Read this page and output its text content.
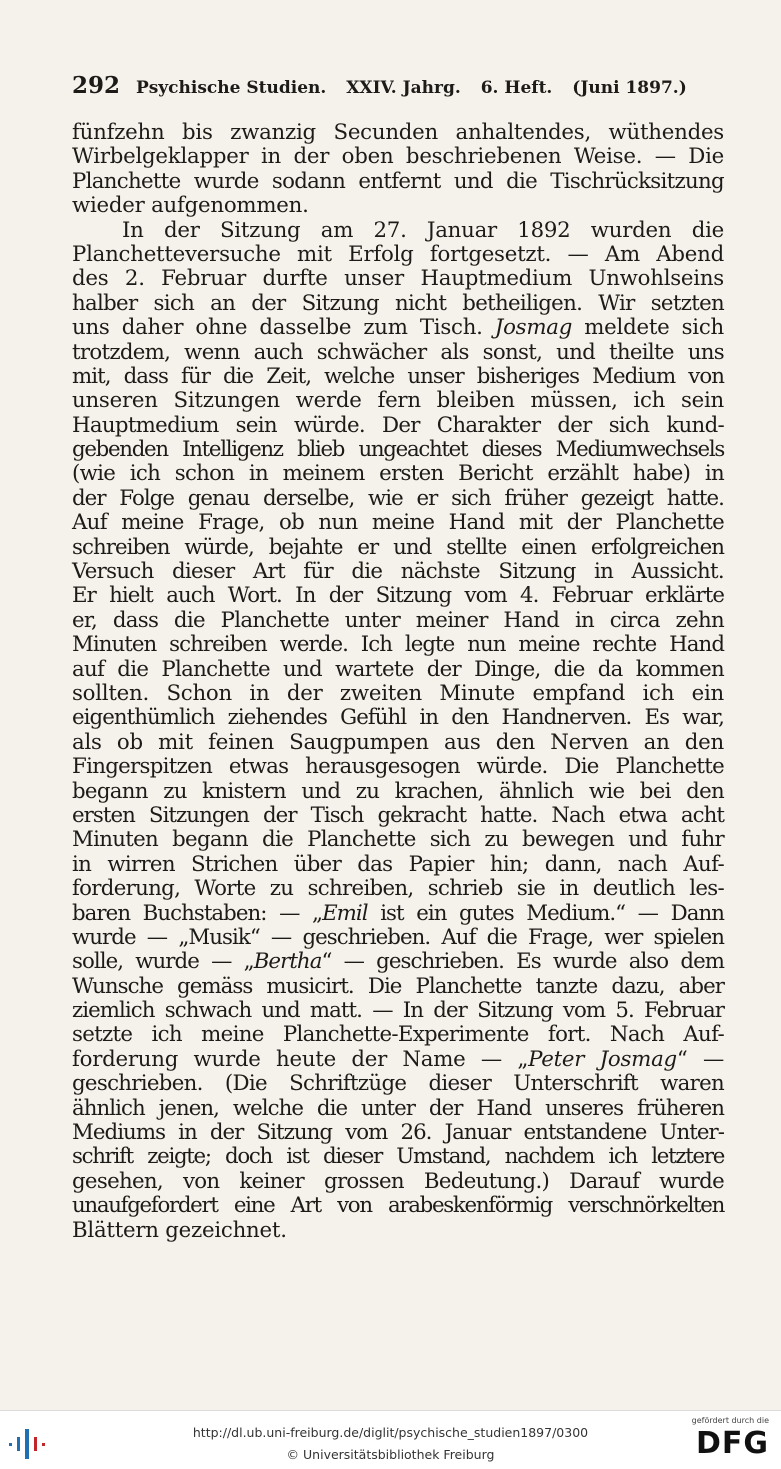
292 Psychische Studien. XXIV. Jahrg. 6. Heft. (Juni 1897.)
fünfzehn bis zwanzig Secunden anhaltendes, wüthendes
Wirbelgeklapper in der oben beschriebenen Weise. — Die
Planchette wurde sodann entfernt und die Tischrücksitzung
wieder aufgenommen.
In der Sitzung am 27. Januar 1892 wurden die
Planchetteversuche mit Erfolg fortgesetzt. — Am Abend
des 2. Februar durfte unser Hauptmedium Unwohlseins
halber sich an der Sitzung nicht betheiligen. Wir setzten
uns daher ohne dasselbe zum Tisch. Josmag meldete sich
trotzdem, wenn auch schwächer als sonst, und theilte uns
mit, dass für die Zeit, welche unser bisheriges Medium von
unseren Sitzungen werde fern bleiben müssen, ich sein
Hauptmedium sein würde. Der Charakter der sich kund-
gebenden Intelligenz blieb ungeachtet dieses Mediumwechsels
(wie ich schon in meinem ersten Bericht erzählt habe) in
der Folge genau derselbe, wie er sich früher gezeigt hatte.
Auf meine Frage, ob nun meine Hand mit der Planchette
schreiben würde, bejahte er und stellte einen erfolgreichen
Versuch dieser Art für die nächste Sitzung in Aussicht.
Er hielt auch Wort. In der Sitzung vom 4. Februar erklärte
er, dass die Planchette unter meiner Hand in circa zehn
Minuten schreiben werde. Ich legte nun meine rechte Hand
auf die Planchette und wartete der Dinge, die da kommen
sollten. Schon in der zweiten Minute empfand ich ein
eigenthümlich ziehendes Gefühl in den Handnerven. Es war,
als ob mit feinen Saugpumpen aus den Nerven an den
Fingerspitzen etwas herausgesogen würde. Die Planchette
begann zu knistern und zu krachen, ähnlich wie bei den
ersten Sitzungen der Tisch gekracht hatte. Nach etwa acht
Minuten begann die Planchette sich zu bewegen und fuhr
in wirren Strichen über das Papier hin; dann, nach Auf-
forderung, Worte zu schreiben, schrieb sie in deutlich les-
baren Buchstaben: — „Emil ist ein gutes Medium.“ — Dann
wurde — „Musik“ — geschrieben. Auf die Frage, wer spielen
solle, wurde — „Bertha“ — geschrieben. Es wurde also dem
Wunsche gemäss musicirt. Die Planchette tanzte dazu, aber
ziemlich schwach und matt. — In der Sitzung vom 5. Februar
setzte ich meine Planchette-Experimente fort. Nach Auf-
forderung wurde heute der Name — „Peter Josmag“ —
geschrieben. (Die Schriftzüge dieser Unterschrift waren
ähnlich jenen, welche die unter der Hand unseres früheren
Mediums in der Sitzung vom 26. Januar entstandene Unter-
schrift zeigte; doch ist dieser Umstand, nachdem ich letztere
gesehen, von keiner grossen Bedeutung.) Darauf wurde
unaufgefordert eine Art von arabeskenförmig verschnörkelten
Blättern gezeichnet.
http://dl.ub.uni-freiburg.de/diglit/psychische_studien1897/0300
© Universitätsbibliothek Freiburg
gefördert durch die
DFG
